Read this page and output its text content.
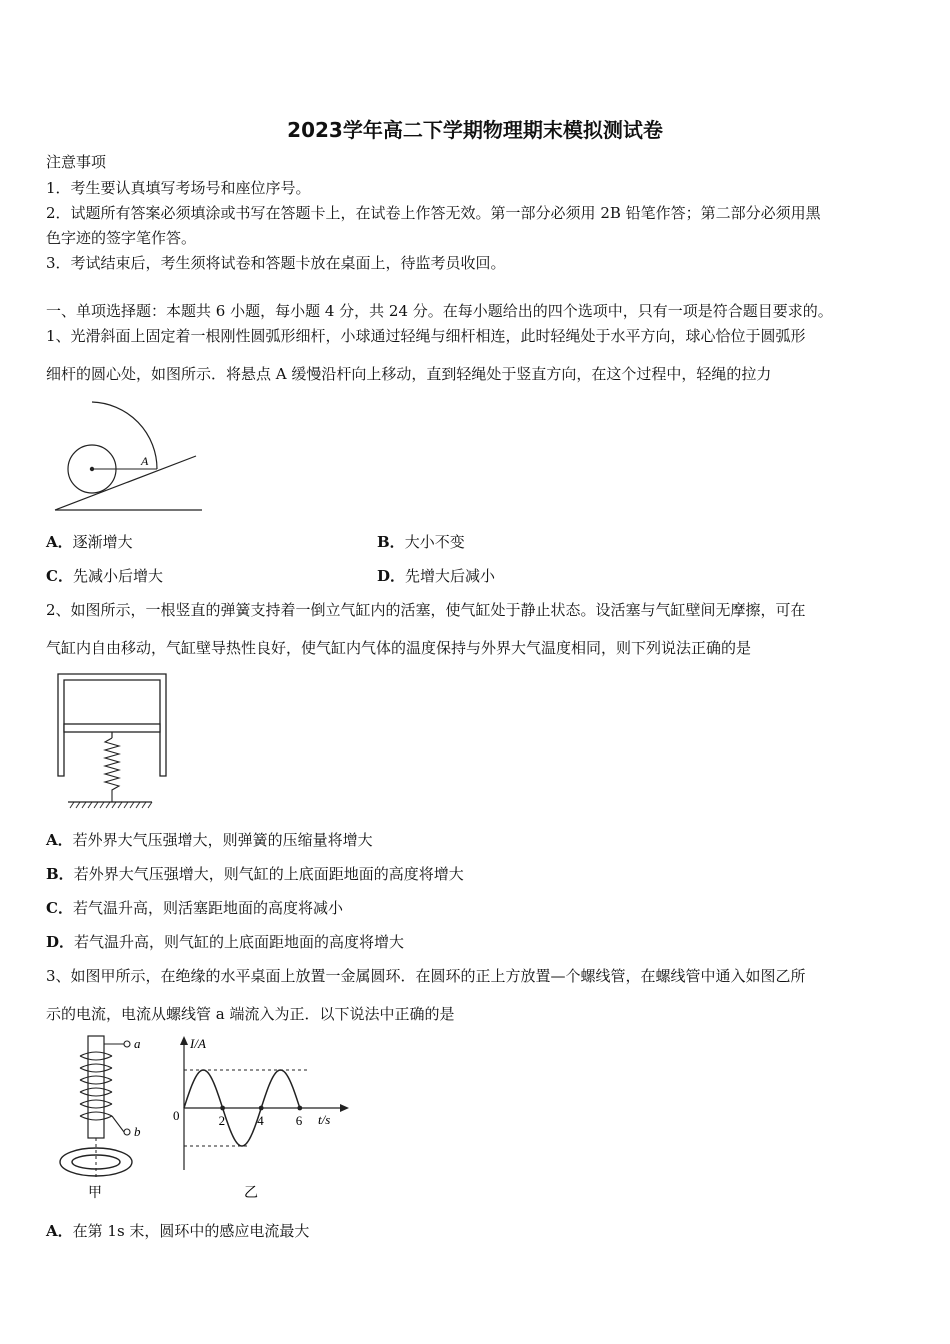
2023学年高二下学期物理期末模拟测试卷
注意事项
1．考生要认真填写考场号和座位序号。
2．试题所有答案必须填涂或书写在答题卡上，在试卷上作答无效。第一部分必须用 2B 铅笔作答；第二部分必须用黑
色字迹的签字笔作答。
3．考试结束后，考生须将试卷和答题卡放在桌面上，待监考员收回。
一、单项选择题：本题共 6 小题，每小题 4 分，共 24 分。在每小题给出的四个选项中，只有一项是符合题目要求的。
1、光滑斜面上固定着一根刚性圆弧形细杆，小球通过轻绳与细杆相连，此时轻绳处于水平方向，球心恰位于圆弧形
细杆的圆心处，如图所示．将悬点 A 缓慢沿杆向上移动，直到轻绳处于竖直方向，在这个过程中，轻绳的拉力
A
A．逐渐增大	B．大小不变
C．先减小后增大	D．先增大后减小
2、如图所示，一根竖直的弹簧支持着一倒立气缸内的活塞，使气缸处于静止状态。设活塞与气缸壁间无摩擦，可在
气缸内自由移动，气缸壁导热性良好，使气缸内气体的温度保持与外界大气温度相同，则下列说法正确的是
A．若外界大气压强增大，则弹簧的压缩量将增大
B．若外界大气压强增大，则气缸的上底面距地面的高度将增大
C．若气温升高，则活塞距地面的高度将减小
D．若气温升高，则气缸的上底面距地面的高度将增大
3、如图甲所示，在绝缘的水平桌面上放置一金属圆环．在圆环的正上方放置—个螺线管，在螺线管中通入如图乙所
示的电流，电流从螺线管 a 端流入为正．以下说法中正确的是
a
b
甲
I/A
t/s
0	2 4 6
乙
A．在第 1s 末，圆环中的感应电流最大
